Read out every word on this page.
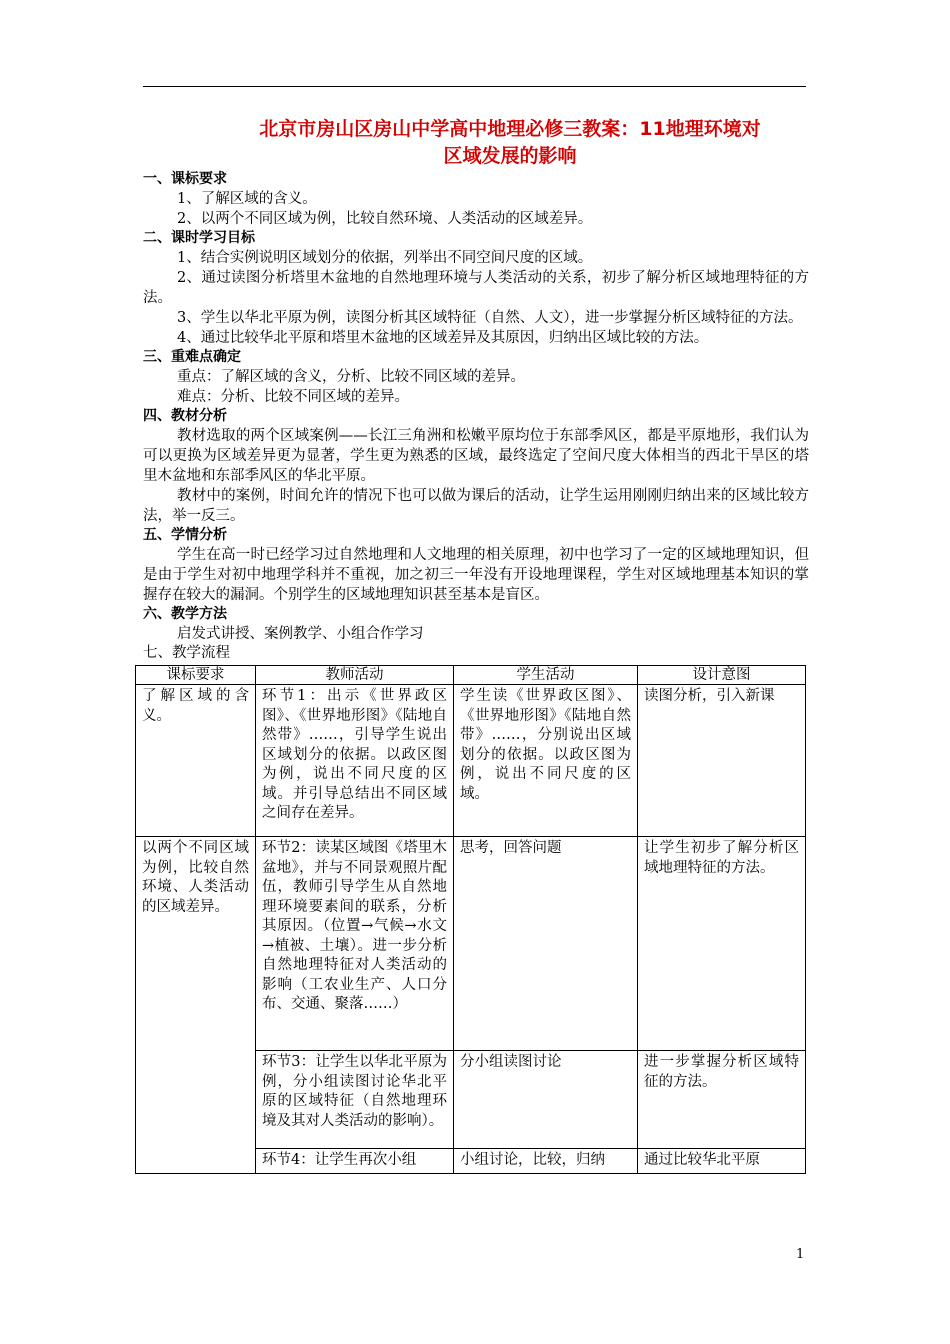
北京市房山区房山中学高中地理必修三教案：11地理环境对
区域发展的影响

一、课标要求

1、了解区域的含义。

2、以两个不同区域为例，比较自然环境、人类活动的区域差异。

二、课时学习目标

1、结合实例说明区域划分的依据，列举出不同空间尺度的区域。

2、通过读图分析塔里木盆地的自然地理环境与人类活动的关系，初步了解分析区域地理特征的方法。

3、学生以华北平原为例，读图分析其区域特征（自然、人文），进一步掌握分析区域特征的方法。

4、通过比较华北平原和塔里木盆地的区域差异及其原因，归纳出区域比较的方法。

三、重难点确定

重点：了解区域的含义，分析、比较不同区域的差异。

难点：分析、比较不同区域的差异。

四、教材分析

教材选取的两个区域案例——长江三角洲和松嫩平原均位于东部季风区，都是平原地形，我们认为可以更换为区域差异更为显著，学生更为熟悉的区域，最终选定了空间尺度大体相当的西北干旱区的塔里木盆地和东部季风区的华北平原。

教材中的案例，时间允许的情况下也可以做为课后的活动，让学生运用刚刚归纳出来的区域比较方法，举一反三。

五、学情分析

学生在高一时已经学习过自然地理和人文地理的相关原理，初中也学习了一定的区域地理知识，但是由于学生对初中地理学科并不重视，加之初三一年没有开设地理课程，学生对区域地理基本知识的掌握存在较大的漏洞。个别学生的区域地理知识甚至基本是盲区。

六、教学方法

启发式讲授、案例教学、小组合作学习

七、教学流程

课标要求	教师活动	学生活动	设计意图
了解区域的含义。	环节1：出示《世界政区图》、《世界地形图》《陆地自然带》……，引导学生说出区域划分的依据。以政区图为例，说出不同尺度的区域。并引导总结出不同区域之间存在差异。	学生读《世界政区图》、《世界地形图》《陆地自然带》……，分别说出区域划分的依据。以政区图为例，说出不同尺度的区域。	读图分析，引入新课
以两个不同区域为例，比较自然环境、人类活动的区域差异。	环节2：读某区域图《塔里木盆地》，并与不同景观照片配伍，教师引导学生从自然地理环境要素间的联系，分析其原因。（位置→气候→水文→植被、土壤）。进一步分析自然地理特征对人类活动的影响（工农业生产、人口分布、交通、聚落……）	思考，回答问题	让学生初步了解分析区域地理特征的方法。
	环节3：让学生以华北平原为例，分小组读图讨论华北平原的区域特征（自然地理环境及其对人类活动的影响）。	分小组读图讨论	进一步掌握分析区域特征的方法。
	环节4：让学生再次小组	小组讨论，比较，归纳	通过比较华北平原
1
